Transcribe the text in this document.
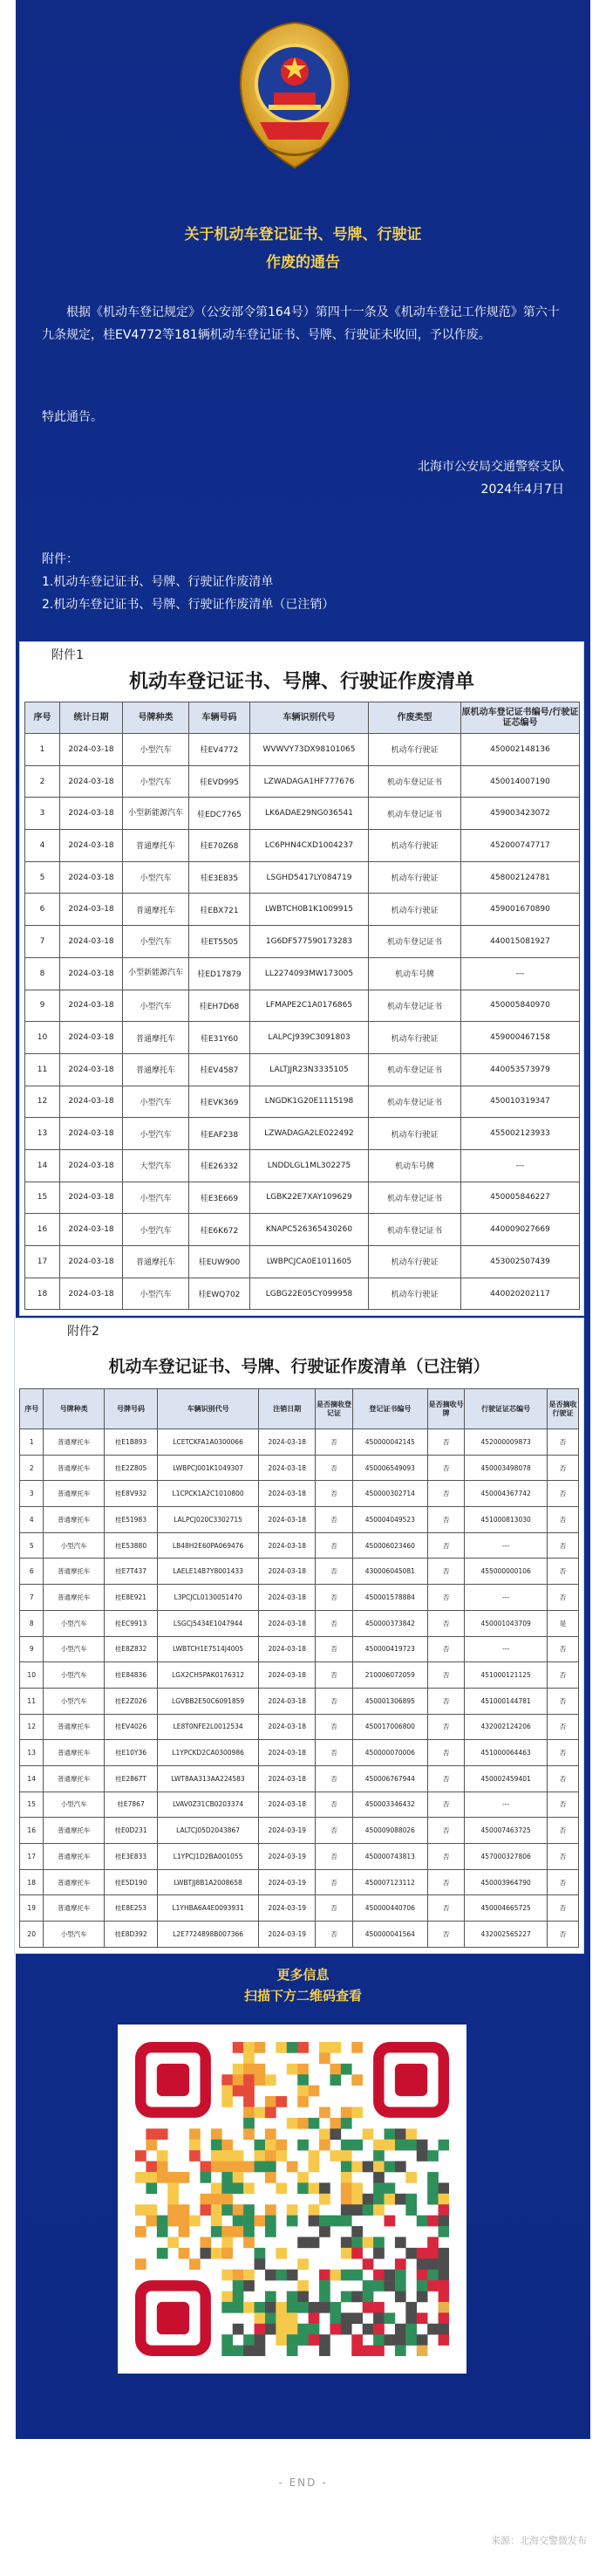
关于机动车登记证书、号牌、行驶证
作废的通告
根据《机动车登记规定》（公安部令第164号）第四十一条及《机动车登记工作规范》第六十九条规定，桂EV4772等181辆机动车登记证书、号牌、行驶证未收回，予以作废。
特此通告。
北海市公安局交通警察支队
2024年4月7日
附件：
1.机动车登记证书、号牌、行驶证作废清单
2.机动车登记证书、号牌、行驶证作废清单（已注销）
附件1
机动车登记证书、号牌、行驶证作废清单
序号	统计日期	号牌种类	车辆号码	车辆识别代号	作废类型	原机动车登记证书编号/行驶证证芯编号
1	2024-03-18	小型汽车	桂EV4772	WVWVY73DX98101065	机动车行驶证	450002148136
2	2024-03-18	小型汽车	桂EVD995	LZWADAGA1HF777676	机动车登记证书	450014007190
3	2024-03-18	小型新能源汽车	桂EDC7765	LK6ADAE29NG036541	机动车登记证书	459003423072
4	2024-03-18	普通摩托车	桂E70Z68	LC6PHN4CXD1004237	机动车行驶证	452000747717
5	2024-03-18	小型汽车	桂E3E835	LSGHD5417LY084719	机动车行驶证	458002124781
6	2024-03-18	普通摩托车	桂EBX721	LWBTCH0B1K1009915	机动车行驶证	459001670890
7	2024-03-18	小型汽车	桂ET5505	1G6DF577590173283	机动车登记证书	440015081927
8	2024-03-18	小型新能源汽车	桂ED17879	LL2274093MW173005	机动车号牌	---
9	2024-03-18	小型汽车	桂EH7D68	LFMAPE2C1A0176865	机动车登记证书	450005840970
10	2024-03-18	普通摩托车	桂E31Y60	LALPCJ939C3091803	机动车行驶证	459000467158
11	2024-03-18	普通摩托车	桂EV4587	LALTJJR23N3335105	机动车登记证书	440053573979
12	2024-03-18	小型汽车	桂EVK369	LNGDK1G20E1115198	机动车登记证书	450010319347
13	2024-03-18	小型汽车	桂EAF238	LZWADAGA2LE022492	机动车行驶证	455002123933
14	2024-03-18	大型汽车	桂E26332	LNDDLGL1ML302275	机动车号牌	---
15	2024-03-18	小型汽车	桂E3E669	LGBK22E7XAY109629	机动车登记证书	450005846227
16	2024-03-18	小型汽车	桂E6K672	KNAPC526365430260	机动车登记证书	440009027669
17	2024-03-18	普通摩托车	桂EUW900	LWBPCJCA0E1011605	机动车行驶证	453002507439
18	2024-03-18	小型汽车	桂EWQ702	LGBG22E05CY099958	机动车行驶证	440020202117
附件2
机动车登记证书、号牌、行驶证作废清单（已注销）
序号	号牌种类	号牌号码	车辆识别代号	注销日期	是否摘收登记证	登记证书编号	是否摘收号牌	行驶证证芯编号	是否摘收行驶证
1	普通摩托车	桂E1B893	LCETCKFA1A0300066	2024-03-18	否	450000042145	否	452000009873	否
2	普通摩托车	桂E2Z805	LWBPCJ001K1049307	2024-03-18	否	450006549093	否	450003498078	否
3	普通摩托车	桂E8V932	L1CPCK1A2C1010800	2024-03-18	否	450000302714	否	450004367742	否
4	普通摩托车	桂E51983	LALPCJ020C3302715	2024-03-18	否	450004049523	否	451000813030	否
5	小型汽车	桂E53880	LB48H2E60PA069476	2024-03-18	否	450006023460	否	---	否
6	普通摩托车	桂E7T437	LAELE14B7Y8001433	2024-03-18	否	430006045081	否	455000000106	否
7	普通摩托车	桂E8E921	L3PCJCL0130051470	2024-03-18	否	450001578884	否	---	否
8	小型汽车	桂EC9913	LSGCJ5434E1047944	2024-03-18	否	450000373842	否	450001043709	是
9	小型汽车	桂E8Z832	LWBTCH1E7514J4005	2024-03-18	否	450000419723	否	---	否
10	小型汽车	桂E84836	LGX2CH5PAK0176312	2024-03-18	否	210006072059	否	451000121125	否
11	小型汽车	桂E2Z026	LGVBB2E50C6091859	2024-03-18	否	450001306895	否	451000144781	否
12	普通摩托车	桂EV4026	LE8T0NFE2L0012534	2024-03-18	否	450017006800	否	432002124206	否
13	普通摩托车	桂E10Y36	L1YPCKD2CA0300986	2024-03-18	否	450000070006	否	451000064463	否
14	普通摩托车	桂E2867T	LWT8AA313AA224583	2024-03-18	否	450006767944	否	450002459401	否
15	小型汽车	桂E7867	LVAV0Z31CB0203374	2024-03-18	否	450003346432	否	---	否
16	普通摩托车	桂E0D231	LALTCJ05D2043867	2024-03-19	否	450009088026	否	450007463725	否
17	普通摩托车	桂E3E833	L1YPCJ1D2BA001055	2024-03-19	否	450000743813	否	457000327806	否
18	普通摩托车	桂E5D190	LWBTJJ8B1A2008658	2024-03-19	否	450007123112	否	450003964790	否
19	普通摩托车	桂E8E253	L1YHBA6A4E0093931	2024-03-19	否	450000440706	否	450004665725	否
20	小型汽车	桂E8D392	L2E7724898B007366	2024-03-19	否	450000041564	否	432002565227	否
更多信息
扫描下方二维码查看
- END -
来源：北海交警微发布
